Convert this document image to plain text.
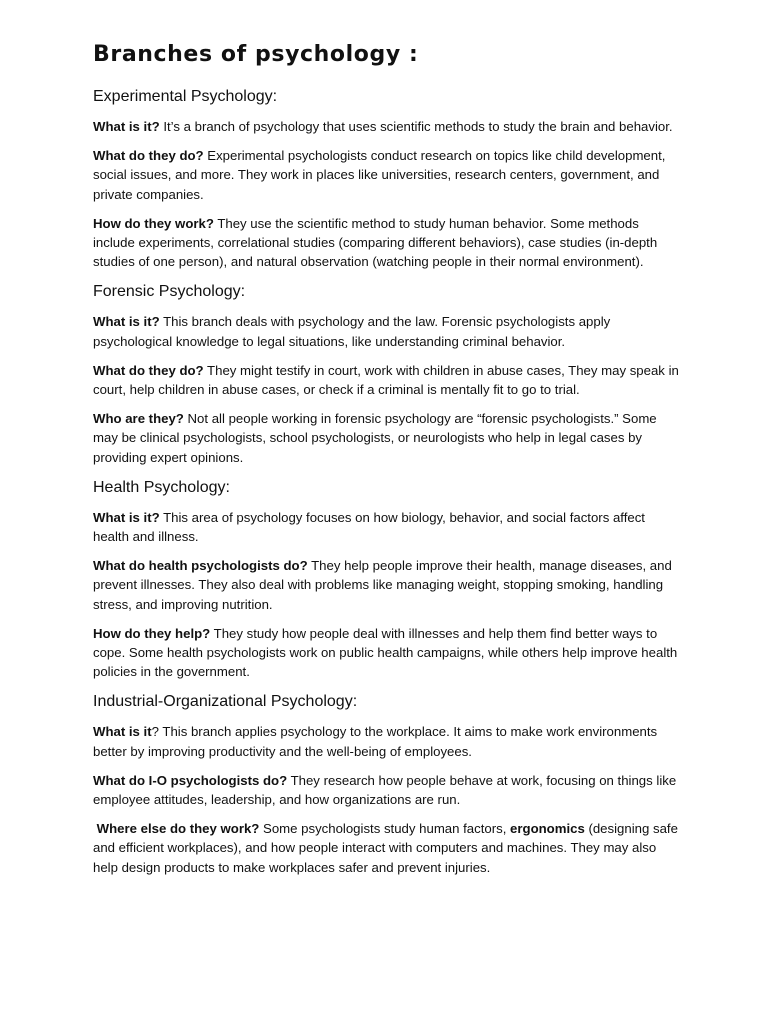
Branches of psychology :
Experimental Psychology:

What is it? It’s a branch of psychology that uses scientific methods to study the brain and behavior.

What do they do? Experimental psychologists conduct research on topics like child development, social issues, and more. They work in places like universities, research centers, government, and private companies.

How do they work? They use the scientific method to study human behavior. Some methods include experiments, correlational studies (comparing different behaviors), case studies (in-depth studies of one person), and natural observation (watching people in their normal environment).

Forensic Psychology:

What is it? This branch deals with psychology and the law. Forensic psychologists apply psychological knowledge to legal situations, like understanding criminal behavior.

What do they do? They might testify in court, work with children in abuse cases, They may speak in court, help children in abuse cases, or check if a criminal is mentally fit to go to trial.

Who are they? Not all people working in forensic psychology are “forensic psychologists.” Some may be clinical psychologists, school psychologists, or neurologists who help in legal cases by providing expert opinions.

Health Psychology:

What is it? This area of psychology focuses on how biology, behavior, and social factors affect health and illness.

What do health psychologists do? They help people improve their health, manage diseases, and prevent illnesses. They also deal with problems like managing weight, stopping smoking, handling stress, and improving nutrition.

How do they help? They study how people deal with illnesses and help them find better ways to cope. Some health psychologists work on public health campaigns, while others help improve health policies in the government.

Industrial-Organizational Psychology:

What is it? This branch applies psychology to the workplace. It aims to make work environments better by improving productivity and the well-being of employees.

What do I-O psychologists do? They research how people behave at work, focusing on things like employee attitudes, leadership, and how organizations are run.

Where else do they work? Some psychologists study human factors, ergonomics (designing safe and efficient workplaces), and how people interact with computers and machines. They may also help design products to make workplaces safer and prevent injuries.
